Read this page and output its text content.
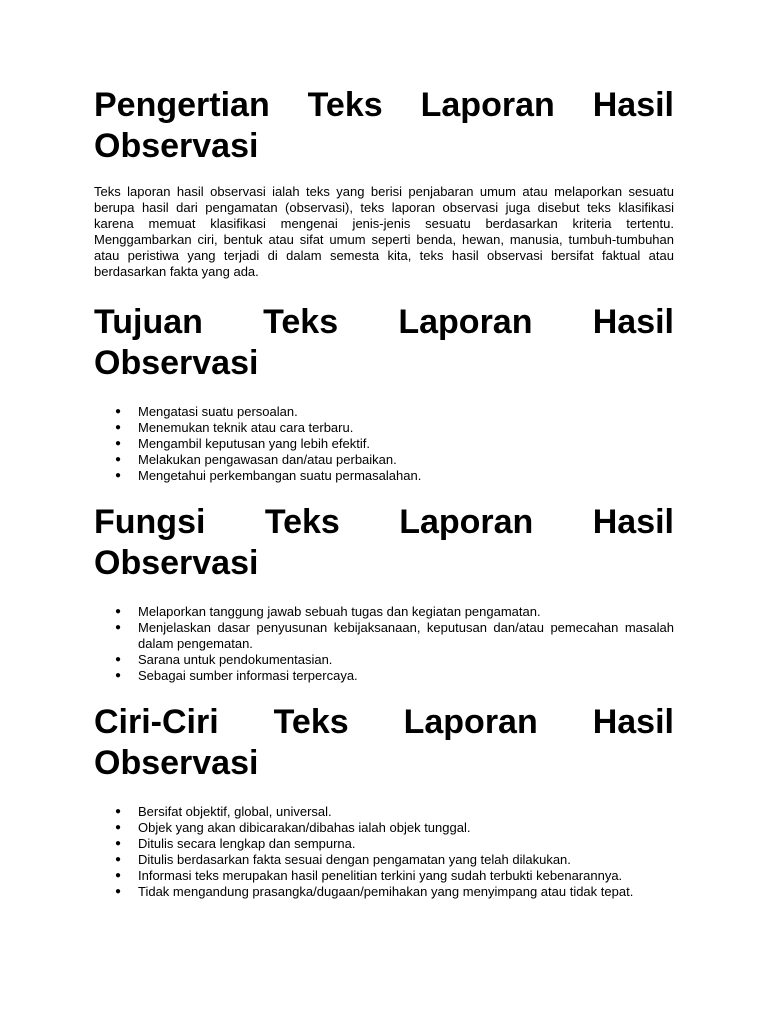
Pengertian Teks Laporan Hasil Observasi

Teks laporan hasil observasi ialah teks yang berisi penjabaran umum atau melaporkan sesuatu berupa hasil dari pengamatan (observasi), teks laporan observasi juga disebut teks klasifikasi karena memuat klasifikasi mengenai jenis-jenis sesuatu berdasarkan kriteria tertentu. Menggambarkan ciri, bentuk atau sifat umum seperti benda, hewan, manusia, tumbuh-tumbuhan atau peristiwa yang terjadi di dalam semesta kita, teks hasil observasi bersifat faktual atau berdasarkan fakta yang ada.

Tujuan Teks Laporan Hasil Observasi
● Mengatasi suatu persoalan.
● Menemukan teknik atau cara terbaru.
● Mengambil keputusan yang lebih efektif.
● Melakukan pengawasan dan/atau perbaikan.
● Mengetahui perkembangan suatu permasalahan.
Fungsi Teks Laporan Hasil Observasi
● Melaporkan tanggung jawab sebuah tugas dan kegiatan pengamatan.
● Menjelaskan dasar penyusunan kebijaksanaan, keputusan dan/atau pemecahan masalah dalam pengematan.
● Sarana untuk pendokumentasian.
● Sebagai sumber informasi terpercaya.
Ciri-Ciri Teks Laporan Hasil Observasi
● Bersifat objektif, global, universal.
● Objek yang akan dibicarakan/dibahas ialah objek tunggal.
● Ditulis secara lengkap dan sempurna.
● Ditulis berdasarkan fakta sesuai dengan pengamatan yang telah dilakukan.
● Informasi teks merupakan hasil penelitian terkini yang sudah terbukti kebenarannya.
● Tidak mengandung prasangka/dugaan/pemihakan yang menyimpang atau tidak tepat.
